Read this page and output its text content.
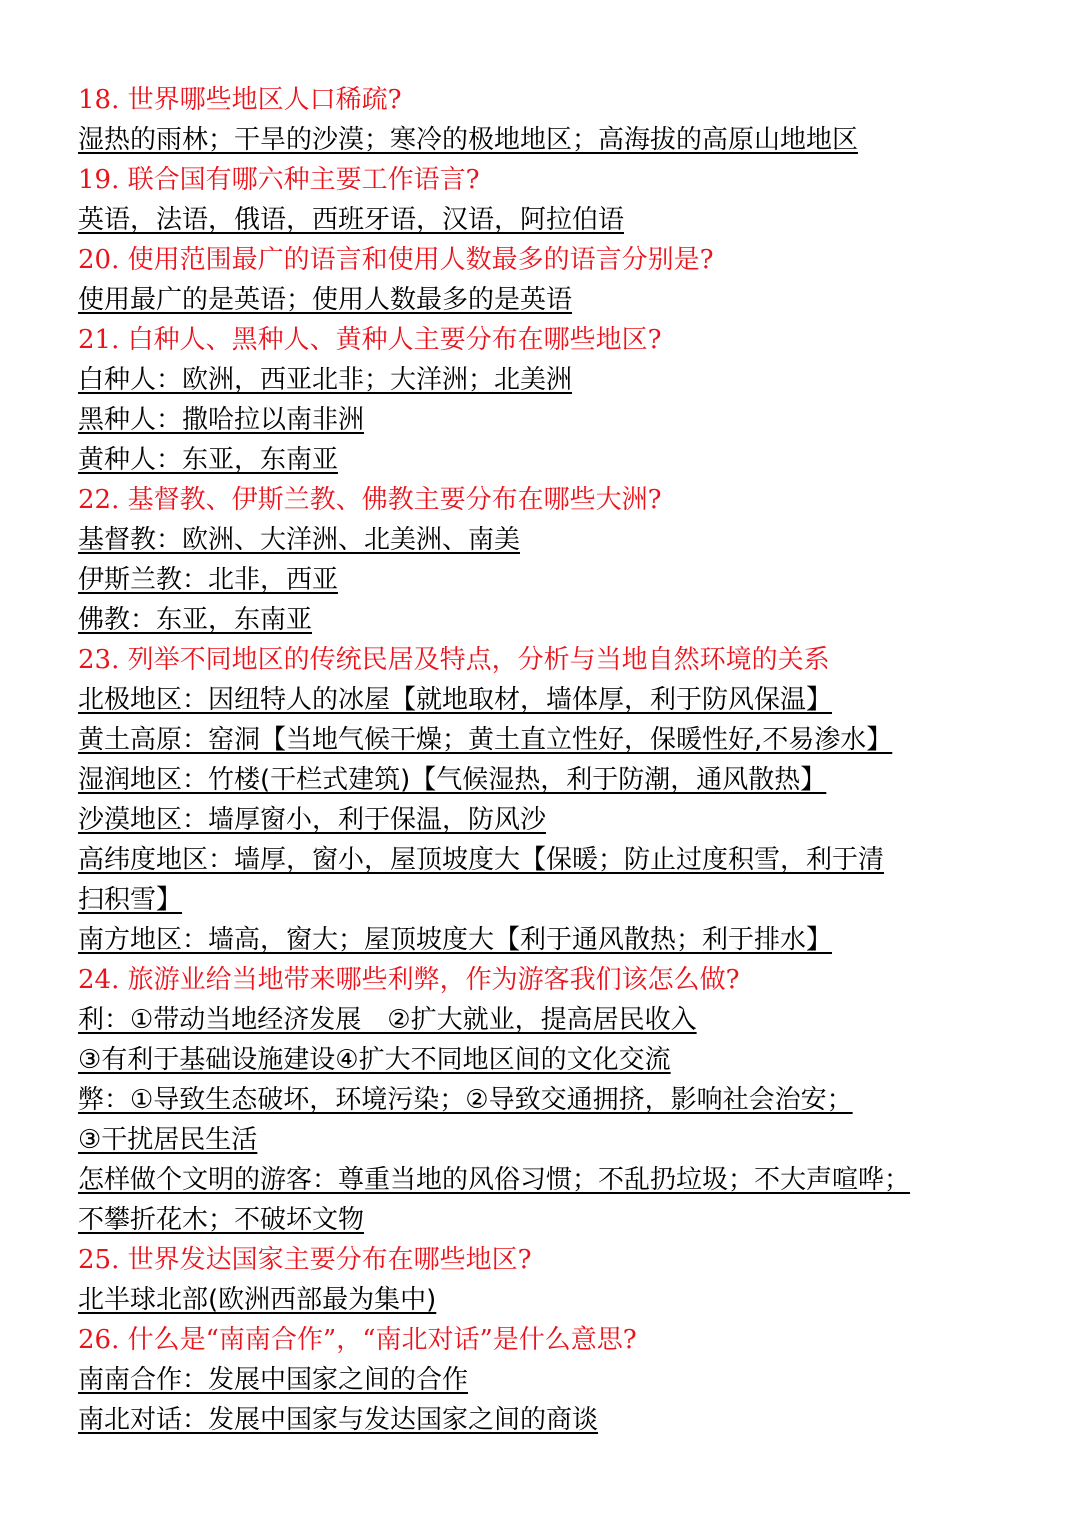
18. 世界哪些地区人口稀疏?
湿热的雨林；干旱的沙漠；寒冷的极地地区；高海拔的高原山地地区
19. 联合国有哪六种主要工作语言?
英语，法语，俄语，西班牙语，汉语，阿拉伯语
20. 使用范围最广的语言和使用人数最多的语言分别是?
使用最广的是英语；使用人数最多的是英语
21. 白种人、黑种人、黄种人主要分布在哪些地区?
白种人：欧洲，西亚北非；大洋洲；北美洲
黑种人：撒哈拉以南非洲
黄种人：东亚，东南亚
22. 基督教、伊斯兰教、佛教主要分布在哪些大洲?
基督教：欧洲、大洋洲、北美洲、南美
伊斯兰教：北非，西亚
佛教：东亚，东南亚
23. 列举不同地区的传统民居及特点，分析与当地自然环境的关系
北极地区：因纽特人的冰屋【就地取材，墙体厚，利于防风保温】
黄土高原：窑洞【当地气候干燥；黄土直立性好，保暖性好,不易渗水】
湿润地区：竹楼(干栏式建筑)【气候湿热，利于防潮，通风散热】
沙漠地区：墙厚窗小，利于保温，防风沙
高纬度地区：墙厚，窗小，屋顶坡度大【保暖；防止过度积雪，利于清
扫积雪】
南方地区：墙高，窗大；屋顶坡度大【利于通风散热；利于排水】
24. 旅游业给当地带来哪些利弊，作为游客我们该怎么做?
利：①带动当地经济发展　②扩大就业，提高居民收入
③有利于基础设施建设④扩大不同地区间的文化交流
弊：①导致生态破坏，环境污染；②导致交通拥挤，影响社会治安；
③干扰居民生活
怎样做个文明的游客：尊重当地的风俗习惯；不乱扔垃圾；不大声喧哗；
不攀折花木；不破坏文物
25. 世界发达国家主要分布在哪些地区?
北半球北部(欧洲西部最为集中)
26. 什么是“南南合作”，“南北对话”是什么意思?
南南合作：发展中国家之间的合作
南北对话：发展中国家与发达国家之间的商谈
